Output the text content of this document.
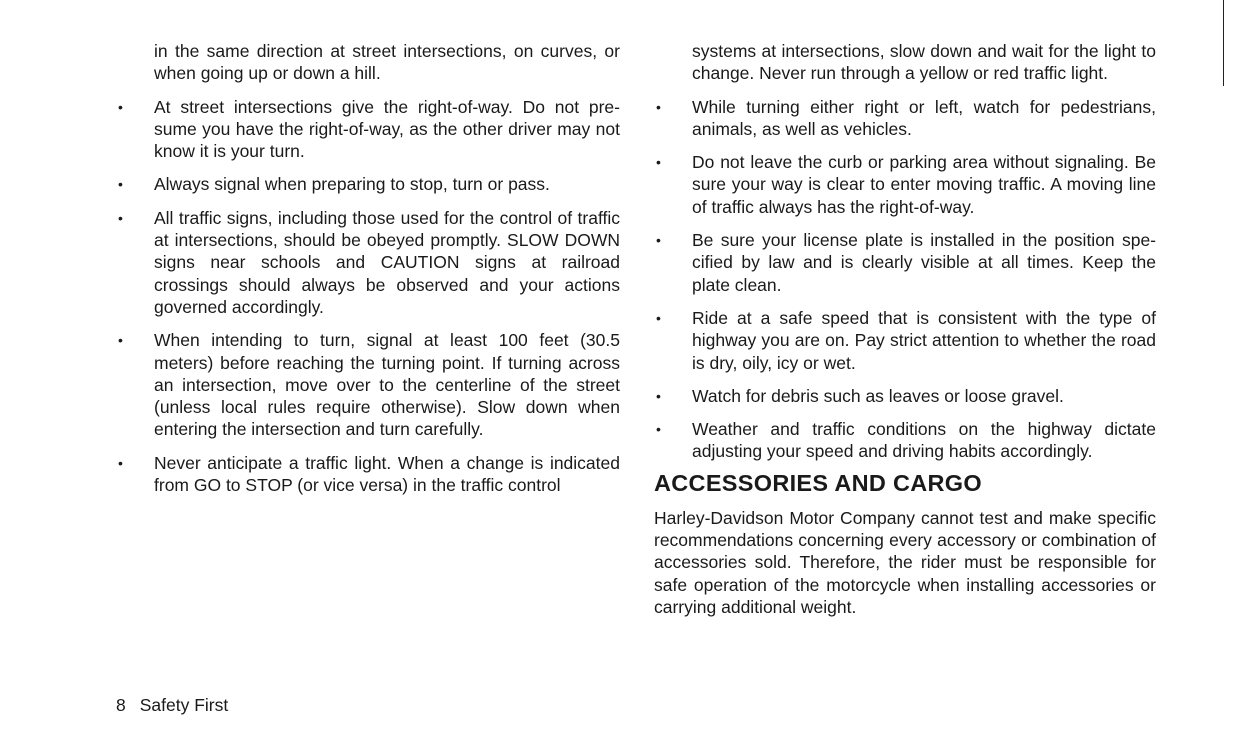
in the same direction at street intersections, on curves, or when going up or down a hill.
• At street intersections give the right-of-way. Do not pre-sume you have the right-of-way, as the other driver may not know it is your turn.
• Always signal when preparing to stop, turn or pass.
• All traffic signs, including those used for the control of traffic at intersections, should be obeyed promptly. SLOW DOWN signs near schools and CAUTION signs at railroad crossings should always be observed and your actions governed accordingly.
• When intending to turn, signal at least 100 feet (30.5 meters) before reaching the turning point. If turning across an intersection, move over to the centerline of the street (unless local rules require otherwise). Slow down when entering the intersection and turn carefully.
• Never anticipate a traffic light. When a change is indicated from GO to STOP (or vice versa) in the traffic control
systems at intersections, slow down and wait for the light to change. Never run through a yellow or red traffic light.
• While turning either right or left, watch for pedestrians, animals, as well as vehicles.
• Do not leave the curb or parking area without signaling. Be sure your way is clear to enter moving traffic. A moving line of traffic always has the right-of-way.
• Be sure your license plate is installed in the position spe-cified by law and is clearly visible at all times. Keep the plate clean.
• Ride at a safe speed that is consistent with the type of highway you are on. Pay strict attention to whether the road is dry, oily, icy or wet.
• Watch for debris such as leaves or loose gravel.
• Weather and traffic conditions on the highway dictate adjusting your speed and driving habits accordingly.
ACCESSORIES AND CARGO
Harley-Davidson Motor Company cannot test and make specific recommendations concerning every accessory or combination of accessories sold. Therefore, the rider must be responsible for safe operation of the motorcycle when installing accessories or carrying additional weight.
8 Safety First
